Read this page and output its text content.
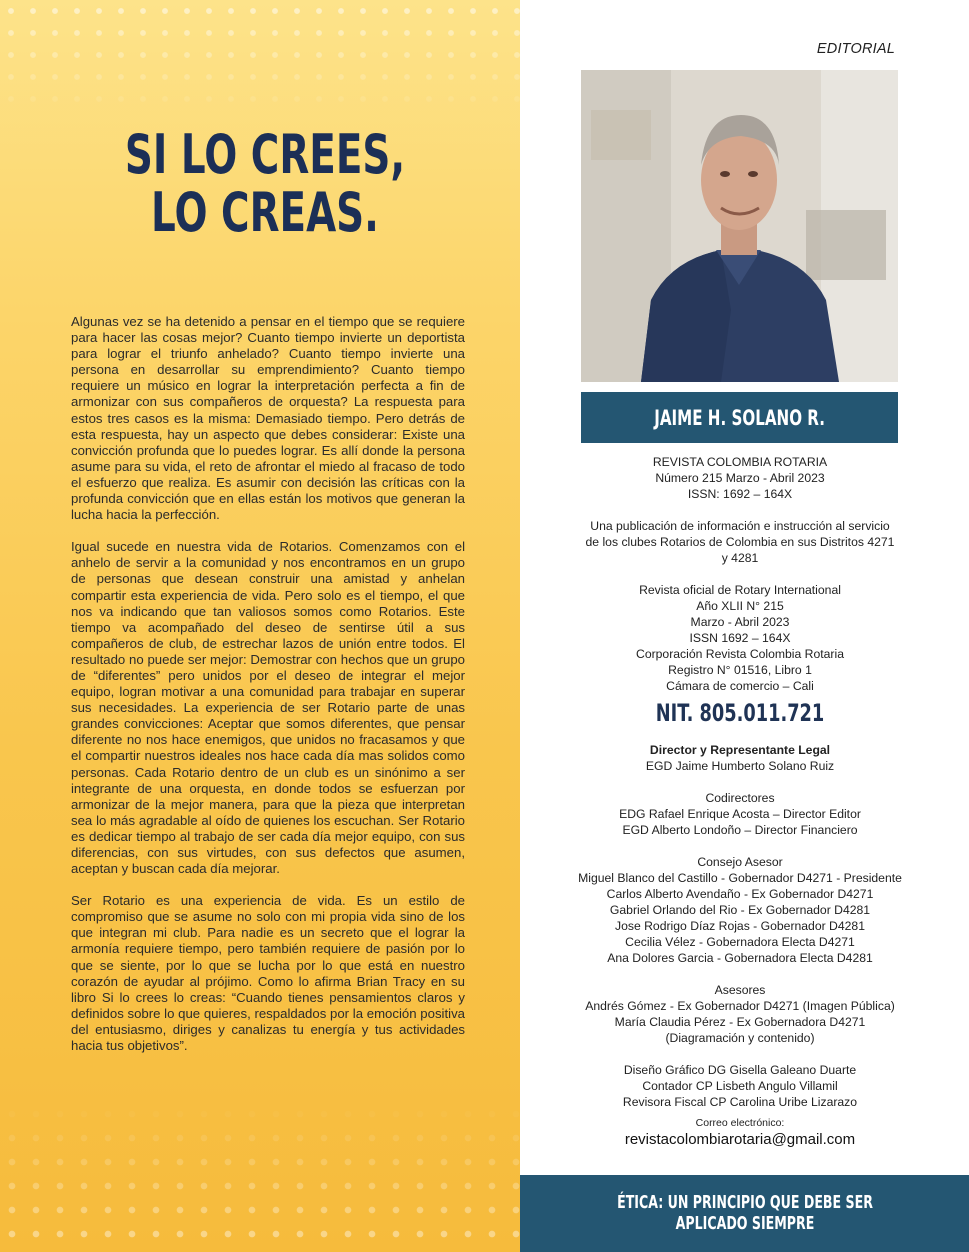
SI LO CREES,
LO CREAS.

Algunas vez se ha detenido a pensar en el tiempo que se requiere para hacer las cosas mejor? Cuanto tiempo invierte un deportista para lograr el triunfo anhelado? Cuanto tiempo invierte una persona en desarrollar su emprendimiento? Cuanto tiempo requiere un músico en lograr la interpretación perfecta a fin de armonizar con sus compañeros de orquesta? La respuesta para estos tres casos es la misma: Demasiado tiempo. Pero detrás de esta respuesta, hay un aspecto que debes considerar: Existe una convicción profunda que lo puedes lograr. Es allí donde la persona asume para su vida, el reto de afrontar el miedo al fracaso de todo el esfuerzo que realiza. Es asumir con decisión las críticas con la profunda convicción que en ellas están los motivos que generan la lucha hacia la perfección.

Igual sucede en nuestra vida de Rotarios. Comenzamos con el anhelo de servir a la comunidad y nos encontramos en un grupo de personas que desean construir una amistad y anhelan compartir esta experiencia de vida. Pero solo es el tiempo, el que nos va indicando que tan valiosos somos como Rotarios. Este tiempo va acompañado del deseo de sentirse útil a sus compañeros de club, de estrechar lazos de unión entre todos. El resultado no puede ser mejor: Demostrar con hechos que un grupo de “diferentes” pero unidos por el deseo de integrar el mejor equipo, logran motivar a una comunidad para trabajar en superar sus necesidades. La experiencia de ser Rotario parte de unas grandes convicciones: Aceptar que somos diferentes, que pensar diferente no nos hace enemigos, que unidos no fracasamos y que el compartir nuestros ideales nos hace cada día mas solidos como personas. Cada Rotario dentro de un club es un sinónimo a ser integrante de una orquesta, en donde todos se esfuerzan por armonizar de la mejor manera, para que la pieza que interpretan sea lo más agradable al oído de quienes los escuchan. Ser Rotario es dedicar tiempo al trabajo de ser cada día mejor equipo, con sus diferencias, con sus virtudes, con sus defectos que asumen, aceptan y buscan cada día mejorar.

Ser Rotario es una experiencia de vida. Es un estilo de compromiso que se asume no solo con mi propia vida sino de los que integran mi club. Para nadie es un secreto que el lograr la armonía requiere tiempo, pero también requiere de pasión por lo que se siente, por lo que se lucha por lo que está en nuestro corazón de ayudar al prójimo. Como lo afirma Brian Tracy en su libro Si lo crees lo creas: “Cuando tienes pensamientos claros y definidos sobre lo que quieres, respaldados por la emoción positiva del entusiasmo, diriges y canalizas tu energía y tus actividades hacia tus objetivos”.

EDITORIAL
JAIME H. SOLANO R.
REVISTA COLOMBIA ROTARIA
Número 215 Marzo - Abril 2023
ISSN: 1692 – 164X
Una publicación de información e instrucción al servicio
de los clubes Rotarios de Colombia en sus Distritos 4271
y 4281
Revista oficial de Rotary International
Año XLII N° 215
Marzo - Abril 2023
ISSN 1692 – 164X
Corporación Revista Colombia Rotaria
Registro N° 01516, Libro 1
Cámara de comercio – Cali
NIT. 805.011.721
Director y Representante Legal
EGD Jaime Humberto Solano Ruiz
Codirectores
EDG Rafael Enrique Acosta – Director Editor
EGD Alberto Londoño – Director Financiero
Consejo Asesor
Miguel Blanco del Castillo - Gobernador D4271 - Presidente
Carlos Alberto Avendaño - Ex Gobernador D4271
Gabriel Orlando del Rio - Ex Gobernador D4281
Jose Rodrigo Díaz Rojas - Gobernador D4281
Cecilia Vélez - Gobernadora Electa D4271
Ana Dolores Garcia - Gobernadora Electa D4281
Asesores
Andrés Gómez - Ex Gobernador D4271 (Imagen Pública)
María Claudia Pérez - Ex Gobernadora D4271
(Diagramación y contenido)
Diseño Gráfico DG Gisella Galeano Duarte
Contador CP Lisbeth Angulo Villamil
Revisora Fiscal CP Carolina Uribe Lizarazo
Correo electrónico:
revistacolombiarotaria@gmail.com
ÉTICA: UN PRINCIPIO QUE DEBE SER APLICADO SIEMPRE
